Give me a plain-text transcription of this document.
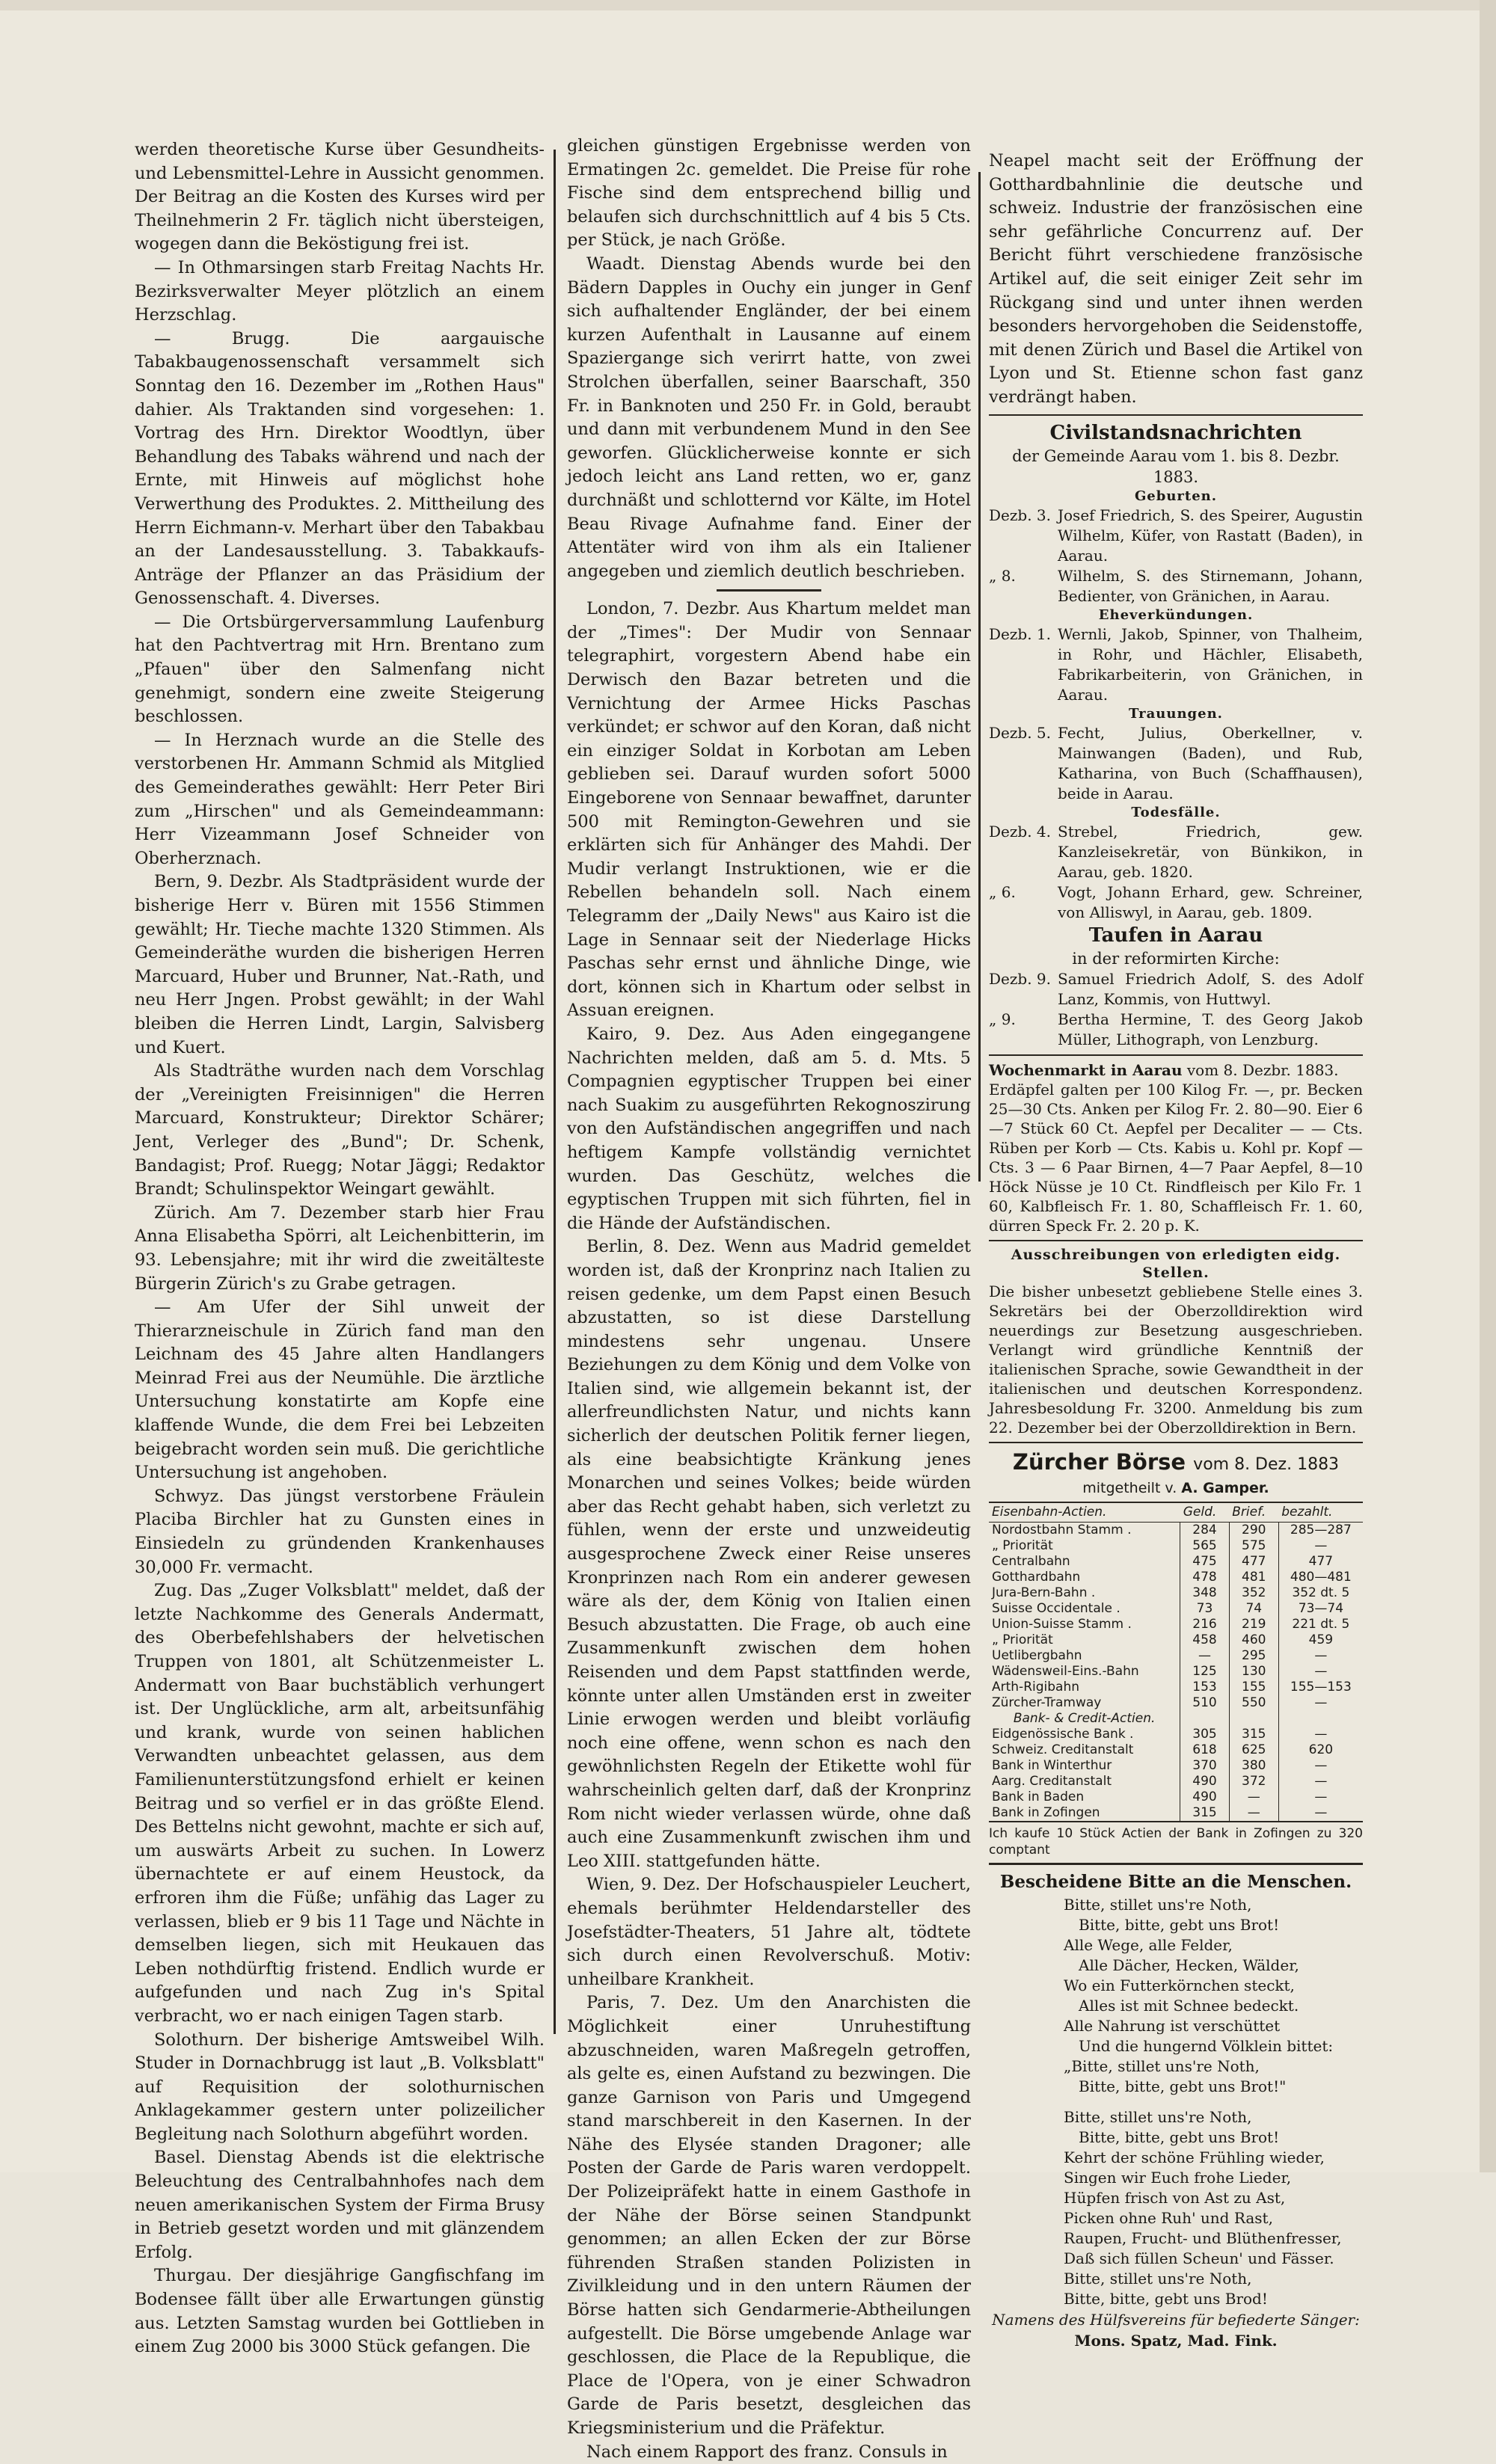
werden theoretische Kurse über Gesundheits- und Lebensmittel-Lehre in Aussicht genommen. Der Beitrag an die Kosten des Kurses wird per Theilnehmerin 2 Fr. täglich nicht übersteigen, wogegen dann die Beköstigung frei ist.

— In Othmarsingen starb Freitag Nachts Hr. Bezirksverwalter Meyer plötzlich an einem Herzschlag.

— Brugg. Die aargauische Tabakbaugenossenschaft versammelt sich Sonntag den 16. Dezember im „Rothen Haus" dahier. Als Traktanden sind vorgesehen: 1. Vortrag des Hrn. Direktor Woodtlyn, über Behandlung des Tabaks während und nach der Ernte, mit Hinweis auf möglichst hohe Verwerthung des Produktes. 2. Mittheilung des Herrn Eichmann-v. Merhart über den Tabakbau an der Landesausstellung. 3. Tabakkaufs-Anträge der Pflanzer an das Präsidium der Genossenschaft. 4. Diverses.

— Die Ortsbürgerversammlung Laufenburg hat den Pachtvertrag mit Hrn. Brentano zum „Pfauen" über den Salmenfang nicht genehmigt, sondern eine zweite Steigerung beschlossen.

— In Herznach wurde an die Stelle des verstorbenen Hr. Ammann Schmid als Mitglied des Gemeinderathes gewählt: Herr Peter Biri zum „Hirschen" und als Gemeindeammann: Herr Vizeammann Josef Schneider von Oberherznach.

Bern, 9. Dezbr. Als Stadtpräsident wurde der bisherige Herr v. Büren mit 1556 Stimmen gewählt; Hr. Tieche machte 1320 Stimmen. Als Gemeinderäthe wurden die bisherigen Herren Marcuard, Huber und Brunner, Nat.-Rath, und neu Herr Jngen. Probst gewählt; in der Wahl bleiben die Herren Lindt, Largin, Salvisberg und Kuert.

Als Stadträthe wurden nach dem Vorschlag der „Vereinigten Freisinnigen" die Herren Marcuard, Konstrukteur; Direktor Schärer; Jent, Verleger des „Bund"; Dr. Schenk, Bandagist; Prof. Ruegg; Notar Jäggi; Redaktor Brandt; Schulinspektor Weingart gewählt.

Zürich. Am 7. Dezember starb hier Frau Anna Elisabetha Spörri, alt Leichenbitterin, im 93. Lebensjahre; mit ihr wird die zweitälteste Bürgerin Zürich's zu Grabe getragen.

— Am Ufer der Sihl unweit der Thierarzneischule in Zürich fand man den Leichnam des 45 Jahre alten Handlangers Meinrad Frei aus der Neumühle. Die ärztliche Untersuchung konstatirte am Kopfe eine klaffende Wunde, die dem Frei bei Lebzeiten beigebracht worden sein muß. Die gerichtliche Untersuchung ist angehoben.

Schwyz. Das jüngst verstorbene Fräulein Placiba Birchler hat zu Gunsten eines in Einsiedeln zu gründenden Krankenhauses 30,000 Fr. vermacht.

Zug. Das „Zuger Volksblatt" meldet, daß der letzte Nachkomme des Generals Andermatt, des Oberbefehlshabers der helvetischen Truppen von 1801, alt Schützenmeister L. Andermatt von Baar buchstäblich verhungert ist. Der Unglückliche, arm alt, arbeitsunfähig und krank, wurde von seinen hablichen Verwandten unbeachtet gelassen, aus dem Familienunterstützungsfond erhielt er keinen Beitrag und so verfiel er in das größte Elend. Des Bettelns nicht gewohnt, machte er sich auf, um auswärts Arbeit zu suchen. In Lowerz übernachtete er auf einem Heustock, da erfroren ihm die Füße; unfähig das Lager zu verlassen, blieb er 9 bis 11 Tage und Nächte in demselben liegen, sich mit Heukauen das Leben nothdürftig fristend. Endlich wurde er aufgefunden und nach Zug in's Spital verbracht, wo er nach einigen Tagen starb.

Solothurn. Der bisherige Amtsweibel Wilh. Studer in Dornachbrugg ist laut „B. Volksblatt" auf Requisition der solothurnischen Anklagekammer gestern unter polizeilicher Begleitung nach Solothurn abgeführt worden.

Basel. Dienstag Abends ist die elektrische Beleuchtung des Centralbahnhofes nach dem neuen amerikanischen System der Firma Brusy in Betrieb gesetzt worden und mit glänzendem Erfolg.

Thurgau. Der diesjährige Gangfischfang im Bodensee fällt über alle Erwartungen günstig aus. Letzten Samstag wurden bei Gottlieben in einem Zug 2000 bis 3000 Stück gefangen. Die

gleichen günstigen Ergebnisse werden von Ermatingen 2c. gemeldet. Die Preise für rohe Fische sind dem entsprechend billig und belaufen sich durchschnittlich auf 4 bis 5 Cts. per Stück, je nach Größe.

Waadt. Dienstag Abends wurde bei den Bädern Dapples in Ouchy ein junger in Genf sich aufhaltender Engländer, der bei einem kurzen Aufenthalt in Lausanne auf einem Spaziergange sich verirrt hatte, von zwei Strolchen überfallen, seiner Baarschaft, 350 Fr. in Banknoten und 250 Fr. in Gold, beraubt und dann mit verbundenem Mund in den See geworfen. Glücklicherweise konnte er sich jedoch leicht ans Land retten, wo er, ganz durchnäßt und schlotternd vor Kälte, im Hotel Beau Rivage Aufnahme fand. Einer der Attentäter wird von ihm als ein Italiener angegeben und ziemlich deutlich beschrieben.

London, 7. Dezbr. Aus Khartum meldet man der „Times": Der Mudir von Sennaar telegraphirt, vorgestern Abend habe ein Derwisch den Bazar betreten und die Vernichtung der Armee Hicks Paschas verkündet; er schwor auf den Koran, daß nicht ein einziger Soldat in Korbotan am Leben geblieben sei. Darauf wurden sofort 5000 Eingeborene von Sennaar bewaffnet, darunter 500 mit Remington-Gewehren und sie erklärten sich für Anhänger des Mahdi. Der Mudir verlangt Instruktionen, wie er die Rebellen behandeln soll. Nach einem Telegramm der „Daily News" aus Kairo ist die Lage in Sennaar seit der Niederlage Hicks Paschas sehr ernst und ähnliche Dinge, wie dort, können sich in Khartum oder selbst in Assuan ereignen.

Kairo, 9. Dez. Aus Aden eingegangene Nachrichten melden, daß am 5. d. Mts. 5 Compagnien egyptischer Truppen bei einer nach Suakim zu ausgeführten Rekognoszirung von den Aufständischen angegriffen und nach heftigem Kampfe vollständig vernichtet wurden. Das Geschütz, welches die egyptischen Truppen mit sich führten, fiel in die Hände der Aufständischen.

Berlin, 8. Dez. Wenn aus Madrid gemeldet worden ist, daß der Kronprinz nach Italien zu reisen gedenke, um dem Papst einen Besuch abzustatten, so ist diese Darstellung mindestens sehr ungenau. Unsere Beziehungen zu dem König und dem Volke von Italien sind, wie allgemein bekannt ist, der allerfreundlichsten Natur, und nichts kann sicherlich der deutschen Politik ferner liegen, als eine beabsichtigte Kränkung jenes Monarchen und seines Volkes; beide würden aber das Recht gehabt haben, sich verletzt zu fühlen, wenn der erste und unzweideutig ausgesprochene Zweck einer Reise unseres Kronprinzen nach Rom ein anderer gewesen wäre als der, dem König von Italien einen Besuch abzustatten. Die Frage, ob auch eine Zusammenkunft zwischen dem hohen Reisenden und dem Papst stattfinden werde, könnte unter allen Umständen erst in zweiter Linie erwogen werden und bleibt vorläufig noch eine offene, wenn schon es nach den gewöhnlichsten Regeln der Etikette wohl für wahrscheinlich gelten darf, daß der Kronprinz Rom nicht wieder verlassen würde, ohne daß auch eine Zusammenkunft zwischen ihm und Leo XIII. stattgefunden hätte.

Wien, 9. Dez. Der Hofschauspieler Leuchert, ehemals berühmter Heldendarsteller des Josefstädter-Theaters, 51 Jahre alt, tödtete sich durch einen Revolverschuß. Motiv: unheilbare Krankheit.

Paris, 7. Dez. Um den Anarchisten die Möglichkeit einer Unruhestiftung abzuschneiden, waren Maßregeln getroffen, als gelte es, einen Aufstand zu bezwingen. Die ganze Garnison von Paris und Umgegend stand marschbereit in den Kasernen. In der Nähe des Elysée standen Dragoner; alle Posten der Garde de Paris waren verdoppelt. Der Polizeipräfekt hatte in einem Gasthofe in der Nähe der Börse seinen Standpunkt genommen; an allen Ecken der zur Börse führenden Straßen standen Polizisten in Zivilkleidung und in den untern Räumen der Börse hatten sich Gendarmerie-Abtheilungen aufgestellt. Die Börse umgebende Anlage war geschlossen, die Place de la Republique, die Place de l'Opera, von je einer Schwadron Garde de Paris besetzt, desgleichen das Kriegsministerium und die Präfektur.

Nach einem Rapport des franz. Consuls in

Neapel macht seit der Eröffnung der Gotthardbahnlinie die deutsche und schweiz. Industrie der französischen eine sehr gefährliche Concurrenz auf. Der Bericht führt verschiedene französische Artikel auf, die seit einiger Zeit sehr im Rückgang sind und unter ihnen werden besonders hervorgehoben die Seidenstoffe, mit denen Zürich und Basel die Artikel von Lyon und St. Etienne schon fast ganz verdrängt haben.

Civilstandsnachrichten
der Gemeinde Aarau vom 1. bis 8. Dezbr. 1883.
Geburten.
Dezb. 3. Josef Friedrich, S. des Speirer, Augustin Wilhelm, Küfer, von Rastatt (Baden), in Aarau.
„ 8.	Wilhelm, S. des Stirnemann, Johann, Bedienter, von Gränichen, in Aarau.
Eheverkündungen.
Dezb. 1. Wernli, Jakob, Spinner, von Thalheim, in Rohr, und Hächler, Elisabeth, Fabrikarbeiterin, von Gränichen, in Aarau.
Trauungen.
Dezb. 5. Fecht, Julius, Oberkellner, v. Mainwangen (Baden), und Rub, Katharina, von Buch (Schaffhausen), beide in Aarau.
Todesfälle.
Dezb. 4. Strebel, Friedrich, gew. Kanzleisekretär, von Bünkikon, in Aarau, geb. 1820.
„ 6.	Vogt, Johann Erhard, gew. Schreiner, von Alliswyl, in Aarau, geb. 1809.
Taufen in Aarau
in der reformirten Kirche:
Dezb. 9. Samuel Friedrich Adolf, S. des Adolf Lanz, Kommis, von Huttwyl.
„ 9.	Bertha Hermine, T. des Georg Jakob Müller, Lithograph, von Lenzburg.
Wochenmarkt in Aarau vom 8. Dezbr. 1883.
Erdäpfel galten per 100 Kilog Fr. —, pr. Becken 25—30 Cts. Anken per Kilog Fr. 2. 80—90. Eier 6—7 Stück 60 Ct. Aepfel per Decaliter — — Cts. Rüben per Korb — Cts. Kabis u. Kohl pr. Kopf — Cts. 3 — 6 Paar Birnen, 4—7 Paar Aepfel, 8—10 Höck Nüsse je 10 Ct. Rindfleisch per Kilo Fr. 1 60, Kalbfleisch Fr. 1. 80, Schaffleisch Fr. 1. 60, dürren Speck Fr. 2. 20 p. K.
Ausschreibungen von erledigten eidg. Stellen.
Die bisher unbesetzt gebliebene Stelle eines 3. Sekretärs bei der Oberzolldirektion wird neuerdings zur Besetzung ausgeschrieben. Verlangt wird gründliche Kenntniß der italienischen Sprache, sowie Gewandtheit in der italienischen und deutschen Korrespondenz. Jahresbesoldung Fr. 3200. Anmeldung bis zum 22. Dezember bei der Oberzolldirektion in Bern.
Zürcher Börse vom 8. Dez. 1883
mitgetheilt v. A. Gamper.
Eisenbahn-Actien.	Geld.	Brief.	bezahlt.
Nordostbahn Stamm .	284	290	285—287
„ Priorität	565	575	—
Centralbahn	475	477	477
Gotthardbahn	478	481	480—481
Jura-Bern-Bahn .	348	352	352 dt. 5
Suisse Occidentale .	73	74	73—74
Union-Suisse Stamm .	216	219	221 dt. 5
„ Priorität	458	460	459
Uetlibergbahn	—	295	—
Wädensweil-Eins.-Bahn	125	130	—
Arth-Rigibahn	153	155	155—153
Zürcher-Tramway	510	550	—
Bank- & Credit-Actien.			
Eidgenössische Bank .	305	315	—
Schweiz. Creditanstalt	618	625	620
Bank in Winterthur	370	380	—
Aarg. Creditanstalt	490	372	—
Bank in Baden	490	—	—
Bank in Zofingen	315	—	—
Ich kaufe 10 Stück Actien der Bank in Zofingen zu 320 comptant
Bescheidene Bitte an die Menschen.
Bitte, stillet uns're Noth,
Bitte, bitte, gebt uns Brot!
Alle Wege, alle Felder,
Alle Dächer, Hecken, Wälder,
Wo ein Futterkörnchen steckt,
Alles ist mit Schnee bedeckt.
Alle Nahrung ist verschüttet
Und die hungernd Völklein bittet:
„Bitte, stillet uns're Noth,
Bitte, bitte, gebt uns Brot!"
Bitte, stillet uns're Noth,
Bitte, bitte, gebt uns Brot!
Kehrt der schöne Frühling wieder,
Singen wir Euch frohe Lieder,
Hüpfen frisch von Ast zu Ast,
Picken ohne Ruh' und Rast,
Raupen, Frucht- und Blüthenfresser,
Daß sich füllen Scheun' und Fässer.
Bitte, stillet uns're Noth,
Bitte, bitte, gebt uns Brod!
Namens des Hülfsvereins für befiederte Sänger:
Mons. Spatz, Mad. Fink.
